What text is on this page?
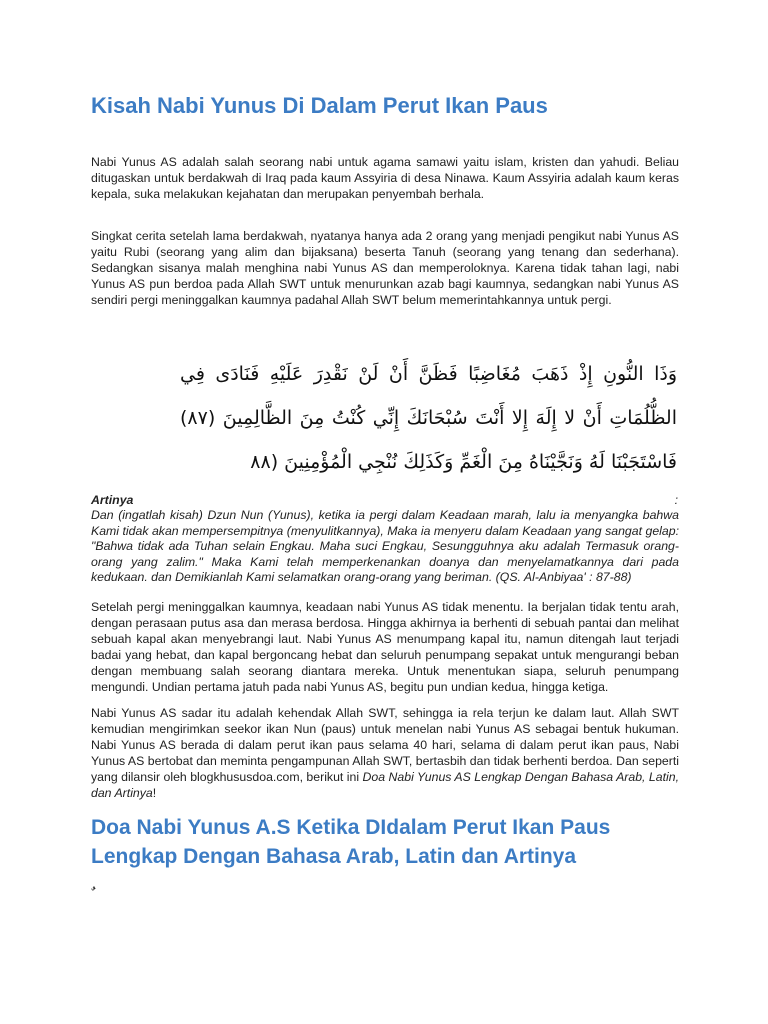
Kisah Nabi Yunus Di Dalam Perut Ikan Paus

Nabi Yunus AS adalah salah seorang nabi untuk agama samawi yaitu islam, kristen dan yahudi. Beliau ditugaskan untuk berdakwah di Iraq pada kaum Assyiria di desa Ninawa. Kaum Assyiria adalah kaum keras kepala, suka melakukan kejahatan dan merupakan penyembah berhala.

Singkat cerita setelah lama berdakwah, nyatanya hanya ada 2 orang yang menjadi pengikut nabi Yunus AS yaitu Rubi (seorang yang alim dan bijaksana) beserta Tanuh (seorang yang tenang dan sederhana). Sedangkan sisanya malah menghina nabi Yunus AS dan memperoloknya. Karena tidak tahan lagi, nabi Yunus AS pun berdoa pada Allah SWT untuk menurunkan azab bagi kaumnya, sedangkan nabi Yunus AS sendiri pergi meninggalkan kaumnya padahal Allah SWT belum memerintahkannya untuk pergi.

وَذَا النُّونِ إِذْ ذَهَبَ مُغَاضِبًا فَظَنَّ أَنْ لَنْ نَقْدِرَ عَلَيْهِ فَنَادَى فِي الظُّلُمَاتِ أَنْ لا إِلَهَ إِلا أَنْتَ سُبْحَانَكَ إِنِّي كُنْتُ مِنَ الظَّالِمِينَ (٨٧) فَاسْتَجَبْنَا لَهُ وَنَجَّيْنَاهُ مِنَ الْغَمِّ وَكَذَلِكَ نُنْجِي الْمُؤْمِنِينَ (٨٨

Artinya	:

Dan (ingatlah kisah) Dzun Nun (Yunus), ketika ia pergi dalam Keadaan marah, lalu ia menyangka bahwa Kami tidak akan mempersempitnya (menyulitkannya), Maka ia menyeru dalam Keadaan yang sangat gelap: "Bahwa tidak ada Tuhan selain Engkau. Maha suci Engkau, Sesungguhnya aku adalah Termasuk orang-orang yang zalim." Maka Kami telah memperkenankan doanya dan menyelamatkannya dari pada kedukaan. dan Demikianlah Kami selamatkan orang-orang yang beriman. (QS. Al-Anbiyaa' : 87-88)

Setelah pergi meninggalkan kaumnya, keadaan nabi Yunus AS tidak menentu. Ia berjalan tidak tentu arah, dengan perasaan putus asa dan merasa berdosa. Hingga akhirnya ia berhenti di sebuah pantai dan melihat sebuah kapal akan menyebrangi laut. Nabi Yunus AS menumpang kapal itu, namun ditengah laut terjadi badai yang hebat, dan kapal bergoncang hebat dan seluruh penumpang sepakat untuk mengurangi beban dengan membuang salah seorang diantara mereka. Untuk menentukan siapa, seluruh penumpang mengundi. Undian pertama jatuh pada nabi Yunus AS, begitu pun undian kedua, hingga ketiga.

Nabi Yunus AS sadar itu adalah kehendak Allah SWT, sehingga ia rela terjun ke dalam laut. Allah SWT kemudian mengirimkan seekor ikan Nun (paus) untuk menelan nabi Yunus AS sebagai bentuk hukuman. Nabi Yunus AS berada di dalam perut ikan paus selama 40 hari, selama di dalam perut ikan paus, Nabi Yunus AS bertobat dan meminta pengampunan Allah SWT, bertasbih dan tidak berhenti berdoa. Dan seperti yang dilansir oleh blogkhususdoa.com, berikut ini Doa Nabi Yunus AS Lengkap Dengan Bahasa Arab, Latin, dan Artinya!

Doa Nabi Yunus A.S Ketika DIdalam Perut Ikan Paus Lengkap Dengan Bahasa Arab, Latin dan Artinya
